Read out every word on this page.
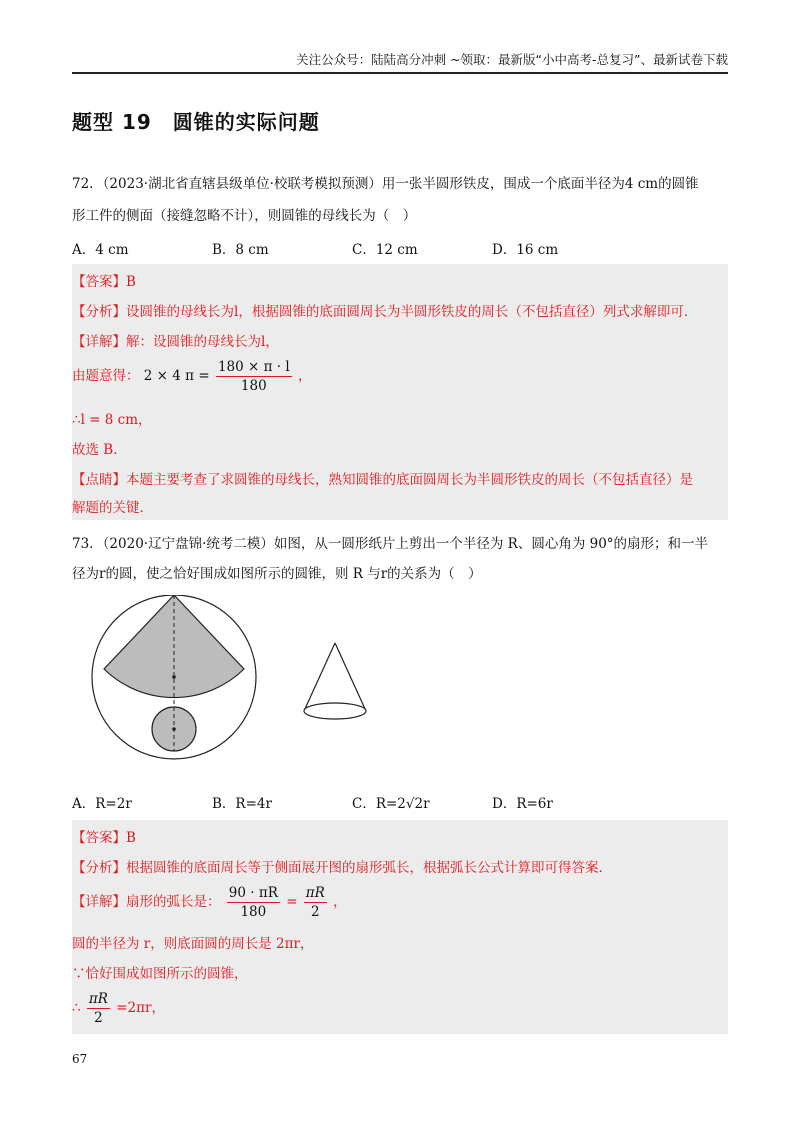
关注公众号：陆陆高分冲刺 ~领取：最新版“小中高考-总复习”、最新试卷下载
题型 19　圆锥的实际问题
72．（2023·湖北省直辖县级单位·校联考模拟预测）用一张半圆形铁皮，围成一个底面半径为4 cm的圆锥
形工件的侧面（接缝忽略不计），则圆锥的母线长为（　）
A．4 cm	B．8 cm	C．12 cm	D．16 cm
【答案】B
【分析】设圆锥的母线长为l，根据圆锥的底面圆周长为半圆形铁皮的周长（不包括直径）列式求解即可．
【详解】解：设圆锥的母线长为l，
由题意得： 2 × 4 $\pi = \frac{180 \times \pi \cdot l}{180}$ ，
∴l = 8 cm，
故选 B．
【点睛】本题主要考查了求圆锥的母线长，熟知圆锥的底面圆周长为半圆形铁皮的周长（不包括直径）是
解题的关键．
73．（2020·辽宁盘锦·统考二模）如图，从一圆形纸片上剪出一个半径为 R、圆心角为 90°的扇形；和一半
径为r的圆，使之恰好围成如图所示的圆锥，则 R 与r的关系为（　）
A．R=2r	B．R=4r	C．R=2√2r	D．R=6r
【答案】B
【分析】根据圆锥的底面周长等于侧面展开图的扇形弧长，根据弧长公式计算即可得答案．
【详解】扇形的弧长是： $\frac{90 \cdot \pi R}{180} = \frac{\pi R}{2}$ ，
圆的半径为 r，则底面圆的周长是 2πr，
∵恰好围成如图所示的圆锥，
∴ $\frac{\pi R}{2} =2\pi r$，
67
